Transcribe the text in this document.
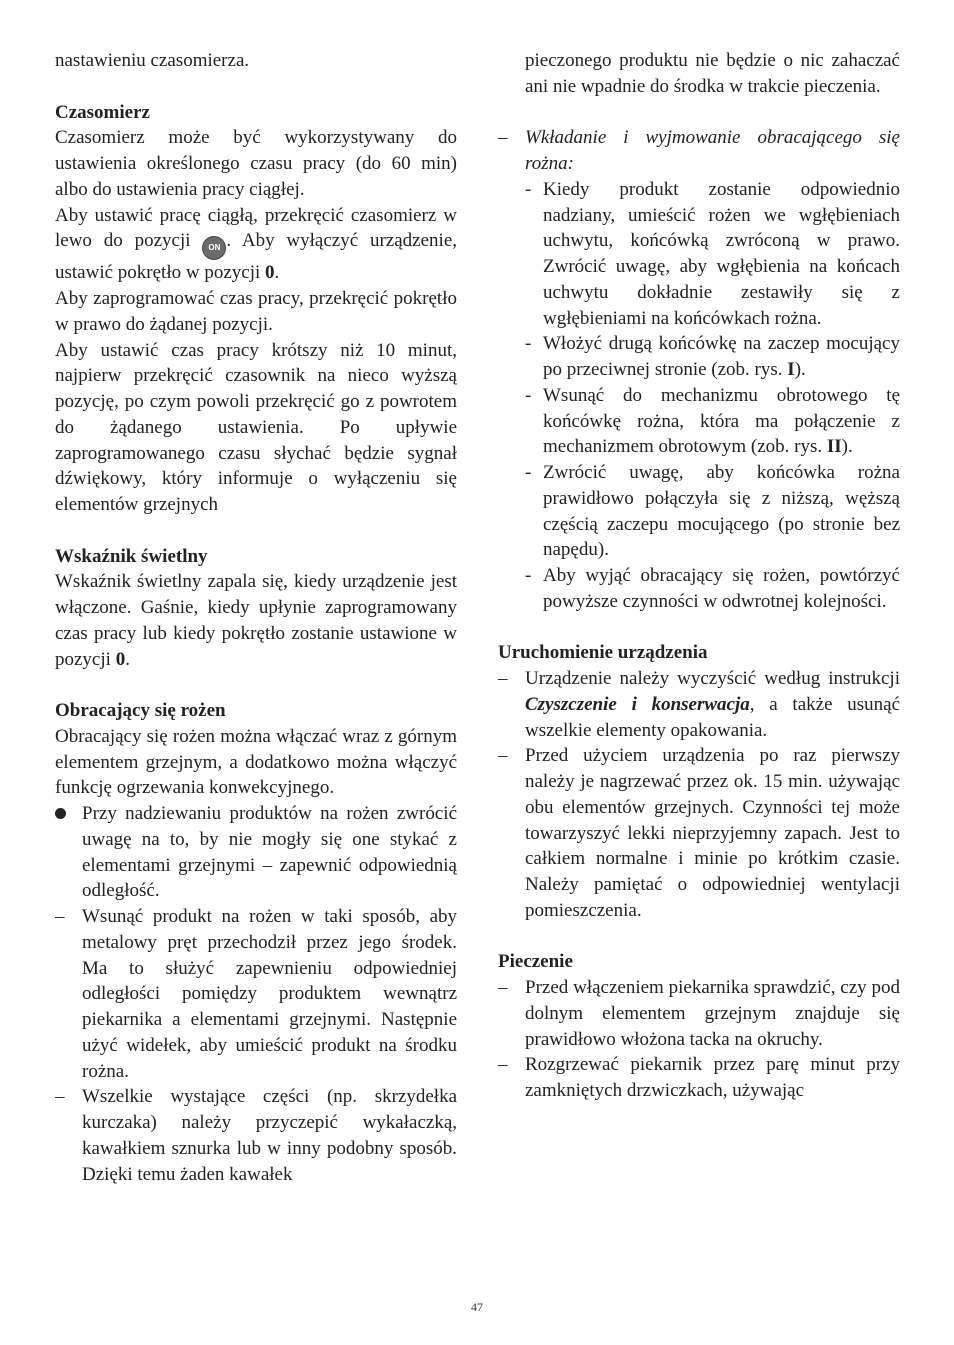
nastawieniu czasomierza.

Czasomierz

Czasomierz może być wykorzystywany do ustawienia określonego czasu pracy (do 60 min) albo do ustawienia pracy ciągłej.

Aby ustawić pracę ciągłą, przekręcić czasomierz w lewo do pozycji ON . Aby wyłączyć urządzenie, ustawić pokrętło w pozycji 0.

Aby zaprogramować czas pracy, przekręcić pokrętło w prawo do żądanej pozycji.

Aby ustawić czas pracy krótszy niż 10 minut, najpierw przekręcić czasownik na nieco wyższą pozycję, po czym powoli przekręcić go z powrotem do żądanego ustawienia. Po upływie zaprogramowanego czasu słychać będzie sygnał dźwiękowy, który informuje o wyłączeniu się elementów grzejnych

Wskaźnik świetlny

Wskaźnik świetlny zapala się, kiedy urządzenie jest włączone. Gaśnie, kiedy upłynie zaprogramowany czas pracy lub kiedy pokrętło zostanie ustawione w pozycji 0.

Obracający się rożen

Obracający się rożen można włączać wraz z górnym elementem grzejnym, a dodatkowo można włączyć funkcję ogrzewania konwekcyjnego.

Przy nadziewaniu produktów na rożen zwrócić uwagę na to, by nie mogły się one stykać z elementami grzejnymi – zapewnić odpowiednią odległość.
– Wsunąć produkt na rożen w taki sposób, aby metalowy pręt przechodził przez jego środek. Ma to służyć zapewnieniu odpowiedniej odległości pomiędzy produktem wewnątrz piekarnika a elementami grzejnymi. Następnie użyć widełek, aby umieścić produkt na środku rożna.
– Wszelkie wystające części (np. skrzydełka kurczaka) należy przyczepić wykałaczką, kawałkiem sznurka lub w inny podobny sposób. Dzięki temu żaden kawałek
pieczonego produktu nie będzie o nic zahaczać ani nie wpadnie do środka w trakcie pieczenia.
– Wkładanie i wyjmowanie obracającego się rożna:
- Kiedy produkt zostanie odpowiednio nadziany, umieścić rożen we wgłębieniach uchwytu, końcówką zwróconą w prawo. Zwrócić uwagę, aby wgłębienia na końcach uchwytu dokładnie zestawiły się z wgłębieniami na końcówkach rożna.
- Włożyć drugą końcówkę na zaczep mocujący po przeciwnej stronie (zob. rys. I).
- Wsunąć do mechanizmu obrotowego tę końcówkę rożna, która ma połączenie z mechanizmem obrotowym (zob. rys. II).
- Zwrócić uwagę, aby końcówka rożna prawidłowo połączyła się z niższą, węższą częścią zaczepu mocującego (po stronie bez napędu).
- Aby wyjąć obracający się rożen, powtórzyć powyższe czynności w odwrotnej kolejności.
Uruchomienie urządzenia
– Urządzenie należy wyczyścić według instrukcji Czyszczenie i konserwacja, a także usunąć wszelkie elementy opakowania.
– Przed użyciem urządzenia po raz pierwszy należy je nagrzewać przez ok. 15 min. używając obu elementów grzejnych. Czynności tej może towarzyszyć lekki nieprzyjemny zapach. Jest to całkiem normalne i minie po krótkim czasie. Należy pamiętać o odpowiedniej wentylacji pomieszczenia.
Pieczenie
– Przed włączeniem piekarnika sprawdzić, czy pod dolnym elementem grzejnym znajduje się prawidłowo włożona tacka na okruchy.
– Rozgrzewać piekarnik przez parę minut przy zamkniętych drzwiczkach, używając
47
